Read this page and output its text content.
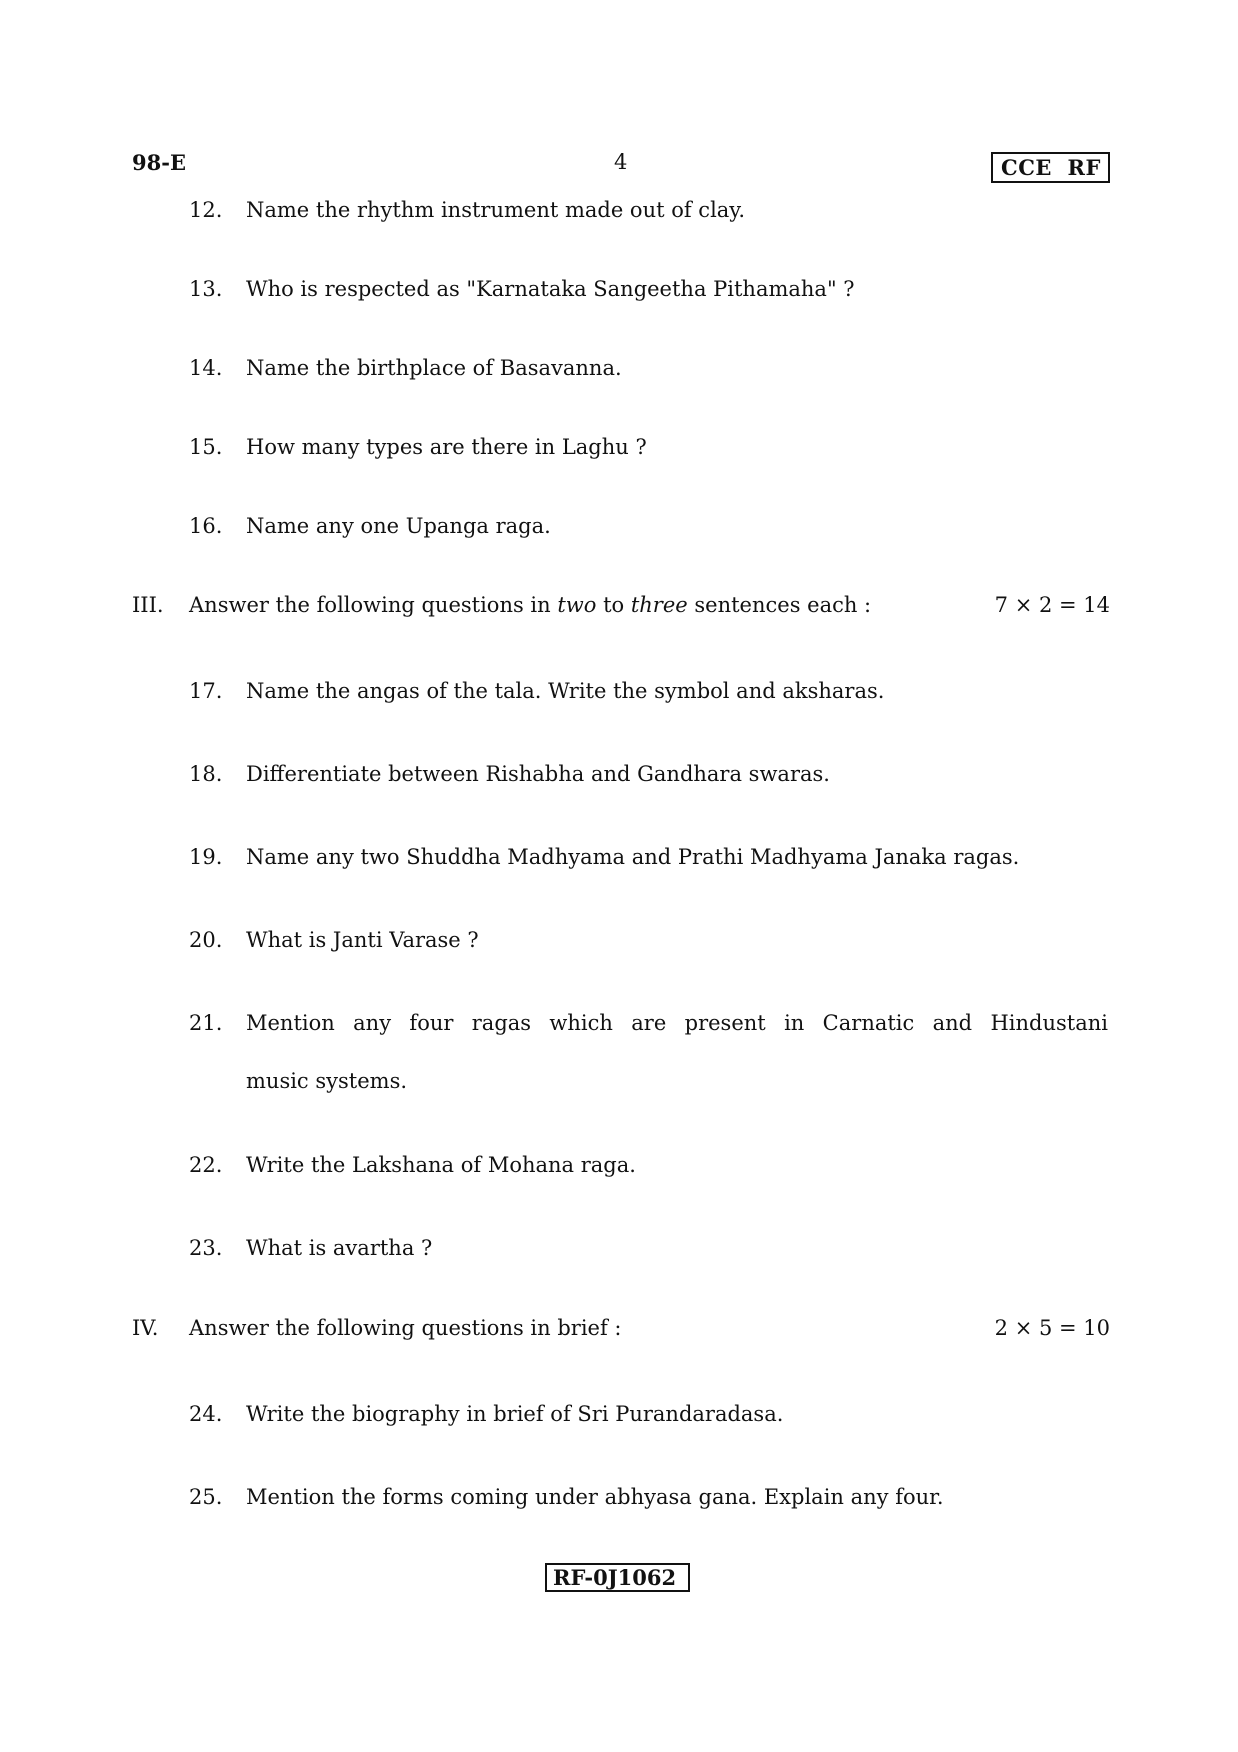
98-E	4	CCE  RF
12. Name the rhythm instrument made out of clay.
13. Who is respected as "Karnataka Sangeetha Pithamaha" ?
14. Name the birthplace of Basavanna.
15. How many types are there in Laghu ?
16. Name any one Upanga raga.
III. Answer the following questions in two to three sentences each :	7 × 2 = 14
17. Name the angas of the tala. Write the symbol and aksharas.
18. Differentiate between Rishabha and Gandhara swaras.
19. Name any two Shuddha Madhyama and Prathi Madhyama Janaka ragas.
20. What is Janti Varase ?
21. Mention any four ragas which are present in Carnatic and Hindustani
music systems.
22. Write the Lakshana of Mohana raga.
23. What is avartha ?
IV. Answer the following questions in brief :	2 × 5 = 10
24. Write the biography in brief of Sri Purandaradasa.
25. Mention the forms coming under abhyasa gana. Explain any four.
RF-0J1062
